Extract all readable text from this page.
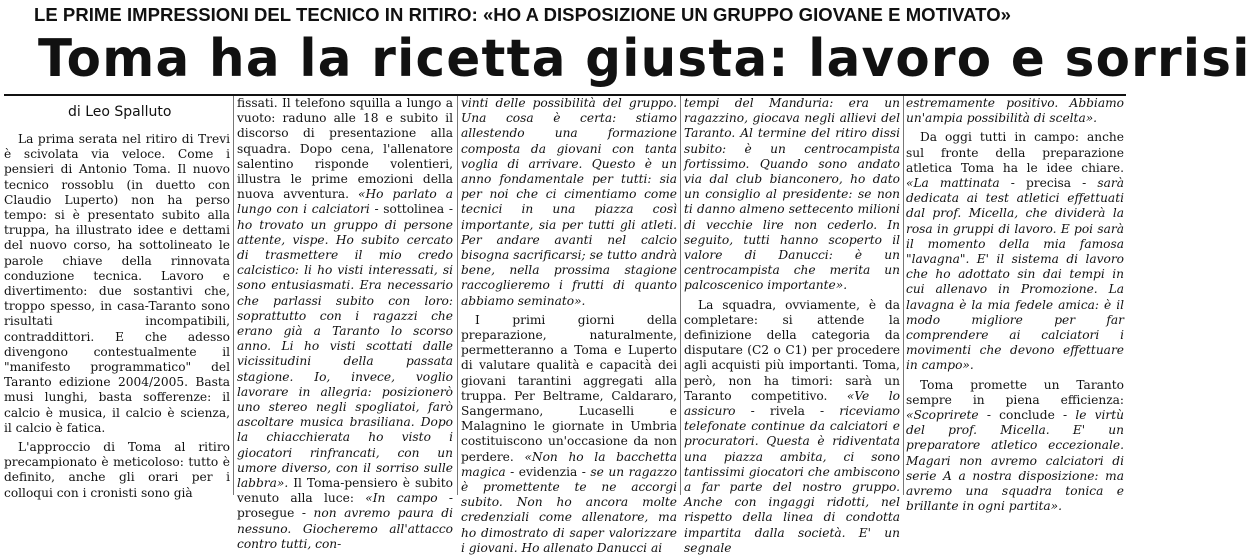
LE PRIME IMPRESSIONI DEL TECNICO IN RITIRO: «HO A DISPOSIZIONE UN GRUPPO GIOVANE E MOTIVATO»
Toma ha la ricetta giusta: lavoro e sorrisi
di Leo Spalluto

La prima serata nel ritiro di Trevi è scivolata via veloce. Come i pensieri di Antonio Toma. Il nuovo tecnico rossoblu (in duetto con Claudio Luperto) non ha perso tempo: si è presentato subito alla truppa, ha illustrato idee e dettami del nuovo corso, ha sottolineato le parole chiave della rinnovata conduzione tecnica. Lavoro e divertimento: due sostantivi che, troppo spesso, in casa-Taranto sono risultati incompatibili, contraddittori. E che adesso divengono contestualmente il "manifesto programmatico" del Taranto edizione 2004/2005. Basta musi lunghi, basta sofferenze: il calcio è musica, il calcio è scienza, il calcio è fatica.

L'approccio di Toma al ritiro precampionato è meticoloso: tutto è definito, anche gli orari per i colloqui con i cronisti sono già

fissati. Il telefono squilla a lungo a vuoto: raduno alle 18 e subito il discorso di presentazione alla squadra. Dopo cena, l'allenatore salentino risponde volentieri, illustra le prime emozioni della nuova avventura. «Ho parlato a lungo con i calciatori - sottolinea - ho trovato un gruppo di persone attente, vispe. Ho subito cercato di trasmettere il mio credo calcistico: li ho visti interessati, si sono entusiasmati. Era necessario che parlassi subito con loro: soprattutto con i ragazzi che erano già a Taranto lo scorso anno. Li ho visti scottati dalle vicissitudini della passata stagione. Io, invece, voglio lavorare in allegria: posizionerò uno stereo negli spogliatoi, farò ascoltare musica brasiliana. Dopo la chiacchierata ho visto i giocatori rinfrancati, con un umore diverso, con il sorriso sulle labbra». Il Toma-pensiero è subito venuto alla luce: «In campo - prosegue - non avremo paura di nessuno. Giocheremo all'attacco contro tutti, con-

vinti delle possibilità del gruppo. Una cosa è certa: stiamo allestendo una formazione composta da giovani con tanta voglia di arrivare. Questo è un anno fondamentale per tutti: sia per noi che ci cimentiamo come tecnici in una piazza così importante, sia per tutti gli atleti. Per andare avanti nel calcio bisogna sacrificarsi; se tutto andrà bene, nella prossima stagione raccoglieremo i frutti di quanto abbiamo seminato».

I primi giorni della preparazione, naturalmente, permetteranno a Toma e Luperto di valutare qualità e capacità dei giovani tarantini aggregati alla truppa. Per Beltrame, Caldararo, Sangermano, Lucaselli e Malagnino le giornate in Umbria costituiscono un'occasione da non perdere. «Non ho la bacchetta magica - evidenzia - se un ragazzo è promettente te ne accorgi subito. Non ho ancora molte credenziali come allenatore, ma ho dimostrato di saper valorizzare i giovani. Ho allenato Danucci ai

tempi del Manduria: era un ragazzino, giocava negli allievi del Taranto. Al termine del ritiro dissi subito: è un centrocampista fortissimo. Quando sono andato via dal club bianconero, ho dato un consiglio al presidente: se non ti danno almeno settecento milioni di vecchie lire non cederlo. In seguito, tutti hanno scoperto il valore di Danucci: è un centrocampista che merita un palcoscenico importante».

La squadra, ovviamente, è da completare: si attende la definizione della categoria da disputare (C2 o C1) per procedere agli acquisti più importanti. Toma, però, non ha timori: sarà un Taranto competitivo. «Ve lo assicuro - rivela - riceviamo telefonate continue da calciatori e procuratori. Questa è ridiventata una piazza ambita, ci sono tantissimi giocatori che ambiscono a far parte del nostro gruppo. Anche con ingaggi ridotti, nel rispetto della linea di condotta impartita dalla società. E' un segnale

estremamente positivo. Abbiamo un'ampia possibilità di scelta».

Da oggi tutti in campo: anche sul fronte della preparazione atletica Toma ha le idee chiare. «La mattinata - precisa - sarà dedicata ai test atletici effettuati dal prof. Micella, che dividerà la rosa in gruppi di lavoro. E poi sarà il momento della mia famosa "lavagna". E' il sistema di lavoro che ho adottato sin dai tempi in cui allenavo in Promozione. La lavagna è la mia fedele amica: è il modo migliore per far comprendere ai calciatori i movimenti che devono effettuare in campo».

Toma promette un Taranto sempre in piena efficienza: «Scoprirete - conclude - le virtù del prof. Micella. E' un preparatore atletico eccezionale. Magari non avremo calciatori di serie A a nostra disposizione: ma avremo una squadra tonica e brillante in ogni partita».
